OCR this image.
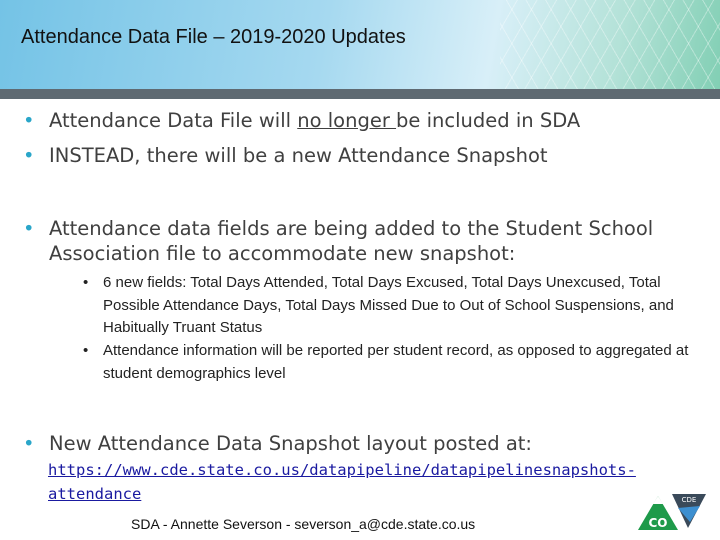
Attendance Data File – 2019-2020 Updates
• Attendance Data File will no longer be included in SDA
• INSTEAD, there will be a new Attendance Snapshot
• Attendance data fields are being added to the Student School Association file to accommodate new snapshot:
• 6 new fields: Total Days Attended, Total Days Excused, Total Days Unexcused, Total Possible Attendance Days, Total Days Missed Due to Out of School Suspensions, and Habitually Truant Status
• Attendance information will be reported per student record, as opposed to aggregated at student demographics level
• New Attendance Data Snapshot layout posted at:
https://www.cde.state.co.us/datapipeline/datapipelinesnapshots-attendance
SDA - Annette Severson - severson_a@cde.state.co.us	CO
CDE
